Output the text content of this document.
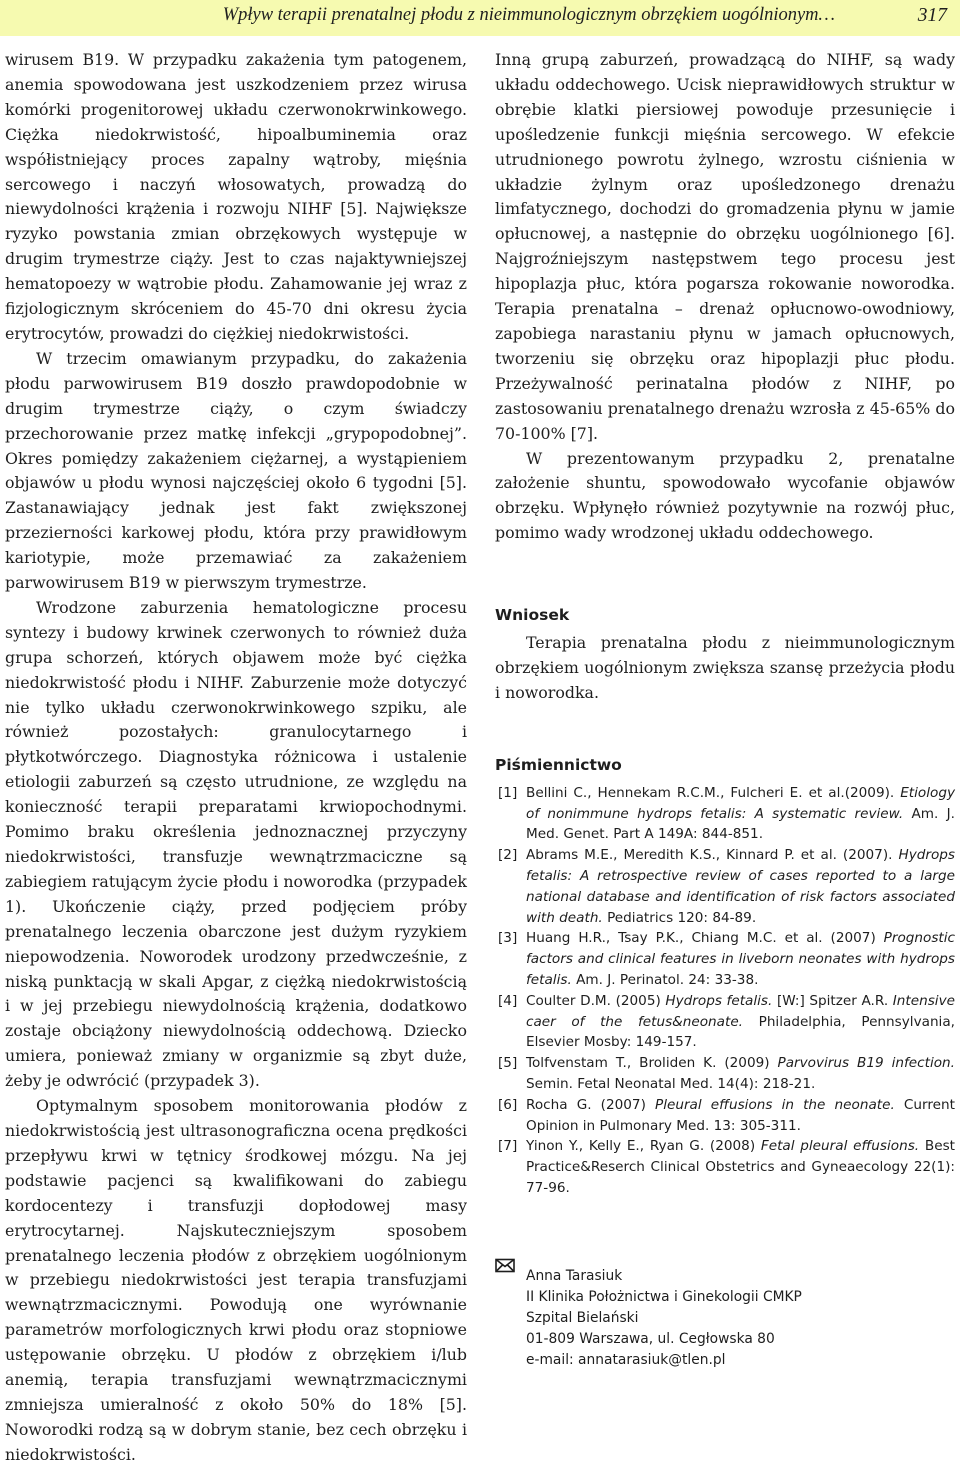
Wpływ terapii prenatalnej płodu z nieimmunologicznym obrzękiem uogólnionym…	317

wirusem B19. W przypadku zakażenia tym patogenem, anemia spowodowana jest uszkodzeniem przez wirusa komórki progenitorowej układu czerwonokrwinkowego. Ciężka niedokrwistość, hipoalbuminemia oraz współistniejący proces zapalny wątroby, mięśnia sercowego i naczyń włosowatych, prowadzą do niewydolności krążenia i rozwoju NIHF [5]. Największe ryzyko powstania zmian obrzękowych występuje w drugim trymestrze ciąży. Jest to czas najaktywniejszej hematopoezy w wątrobie płodu. Zahamowanie jej wraz z fizjologicznym skróceniem do 45-70 dni okresu życia erytrocytów, prowadzi do ciężkiej niedokrwistości.

W trzecim omawianym przypadku, do zakażenia płodu parwowirusem B19 doszło prawdopodobnie w drugim trymestrze ciąży, o czym świadczy przechorowanie przez matkę infekcji „grypopodobnej”. Okres pomiędzy zakażeniem ciężarnej, a wystąpieniem objawów u płodu wynosi najczęściej około 6 tygodni [5]. Zastanawiający jednak jest fakt zwiększonej przezierności karkowej płodu, która przy prawidłowym kariotypie, może przemawiać za zakażeniem parwowirusem B19 w pierwszym trymestrze.

Wrodzone zaburzenia hematologiczne procesu syntezy i budowy krwinek czerwonych to również duża grupa schorzeń, których objawem może być ciężka niedokrwistość płodu i NIHF. Zaburzenie może dotyczyć nie tylko układu czerwonokrwinkowego szpiku, ale również pozostałych: granulocytarnego i płytkotwórczego. Diagnostyka różnicowa i ustalenie etiologii zaburzeń są często utrudnione, ze względu na konieczność terapii preparatami krwiopochodnymi. Pomimo braku określenia jednoznacznej przyczyny niedokrwistości, transfuzje wewnątrzmaciczne są zabiegiem ratującym życie płodu i noworodka (przypadek 1). Ukończenie ciąży, przed podjęciem próby prenatalnego leczenia obarczone jest dużym ryzykiem niepowodzenia. Noworodek urodzony przedwcześnie, z niską punktacją w skali Apgar, z ciężką niedokrwistością i w jej przebiegu niewydolnością krążenia, dodatkowo zostaje obciążony niewydolnością oddechową. Dziecko umiera, ponieważ zmiany w organizmie są zbyt duże, żeby je odwrócić (przypadek 3).

Optymalnym sposobem monitorowania płodów z niedokrwistością jest ultrasonograficzna ocena prędkości przepływu krwi w tętnicy środkowej mózgu. Na jej podstawie pacjenci są kwalifikowani do zabiegu kordocentezy i transfuzji dopłodowej masy erytrocytarnej. Najskuteczniejszym sposobem prenatalnego leczenia płodów z obrzękiem uogólnionym w przebiegu niedokrwistości jest terapia transfuzjami wewnątrzmacicznymi. Powodują one wyrównanie parametrów morfologicznych krwi płodu oraz stopniowe ustępowanie obrzęku. U płodów z obrzękiem i/lub anemią, terapia transfuzjami wewnątrzmacicznymi zmniejsza umieralność z około 50% do 18% [5]. Noworodki rodzą są w dobrym stanie, bez cech obrzęku i niedokrwistości.

Inną grupą zaburzeń, prowadzącą do NIHF, są wady układu oddechowego. Ucisk nieprawidłowych struktur w obrębie klatki piersiowej powoduje przesunięcie i upośledzenie funkcji mięśnia sercowego. W efekcie utrudnionego powrotu żylnego, wzrostu ciśnienia w układzie żylnym oraz upośledzonego drenażu limfatycznego, dochodzi do gromadzenia płynu w jamie opłucnowej, a następnie do obrzęku uogólnionego [6]. Najgroźniejszym następstwem tego procesu jest hipoplazja płuc, która pogarsza rokowanie noworodka. Terapia prenatalna – drenaż opłucnowo-owodniowy, zapobiega narastaniu płynu w jamach opłucnowych, tworzeniu się obrzęku oraz hipoplazji płuc płodu. Przeżywalność perinatalna płodów z NIHF, po zastosowaniu prenatalnego drenażu wzrosła z 45-65% do 70-100% [7].

W prezentowanym przypadku 2, prenatalne założenie shuntu, spowodowało wycofanie objawów obrzęku. Wpłynęło również pozytywnie na rozwój płuc, pomimo wady wrodzonej układu oddechowego.

Wniosek

Terapia prenatalna płodu z nieimmunologicznym obrzękiem uogólnionym zwiększa szansę przeżycia płodu i noworodka.

Piśmiennictwo
[1] Bellini C., Hennekam R.C.M., Fulcheri E. et al.(2009). Etiology of nonimmune hydrops fetalis: A systematic review. Am. J. Med. Genet. Part A 149A: 844-851.
[2] Abrams M.E., Meredith K.S., Kinnard P. et al. (2007). Hydrops fetalis: A retrospective review of cases reported to a large national database and identification of risk factors associated with death. Pediatrics 120: 84-89.
[3] Huang H.R., Tsay P.K., Chiang M.C. et al. (2007) Prognostic factors and clinical features in liveborn neonates with hydrops fetalis. Am. J. Perinatol. 24: 33-38.
[4] Coulter D.M. (2005) Hydrops fetalis. [W:] Spitzer A.R. Intensive caer of the fetus&neonate. Philadelphia, Pennsylvania, Elsevier Mosby: 149-157.
[5] Tolfvenstam T., Broliden K. (2009) Parvovirus B19 infection. Semin. Fetal Neonatal Med. 14(4): 218-21.
[6] Rocha G. (2007) Pleural effusions in the neonate. Current Opinion in Pulmonary Med. 13: 305-311.
[7] Yinon Y., Kelly E., Ryan G. (2008) Fetal pleural effusions. Best Practice&Reserch Clinical Obstetrics and Gyneaecology 22(1): 77-96.
Anna Tarasiuk
II Klinika Położnictwa i Ginekologii CMKP
Szpital Bielański
01-809 Warszawa, ul. Cegłowska 80
e-mail: annatarasiuk@tlen.pl
